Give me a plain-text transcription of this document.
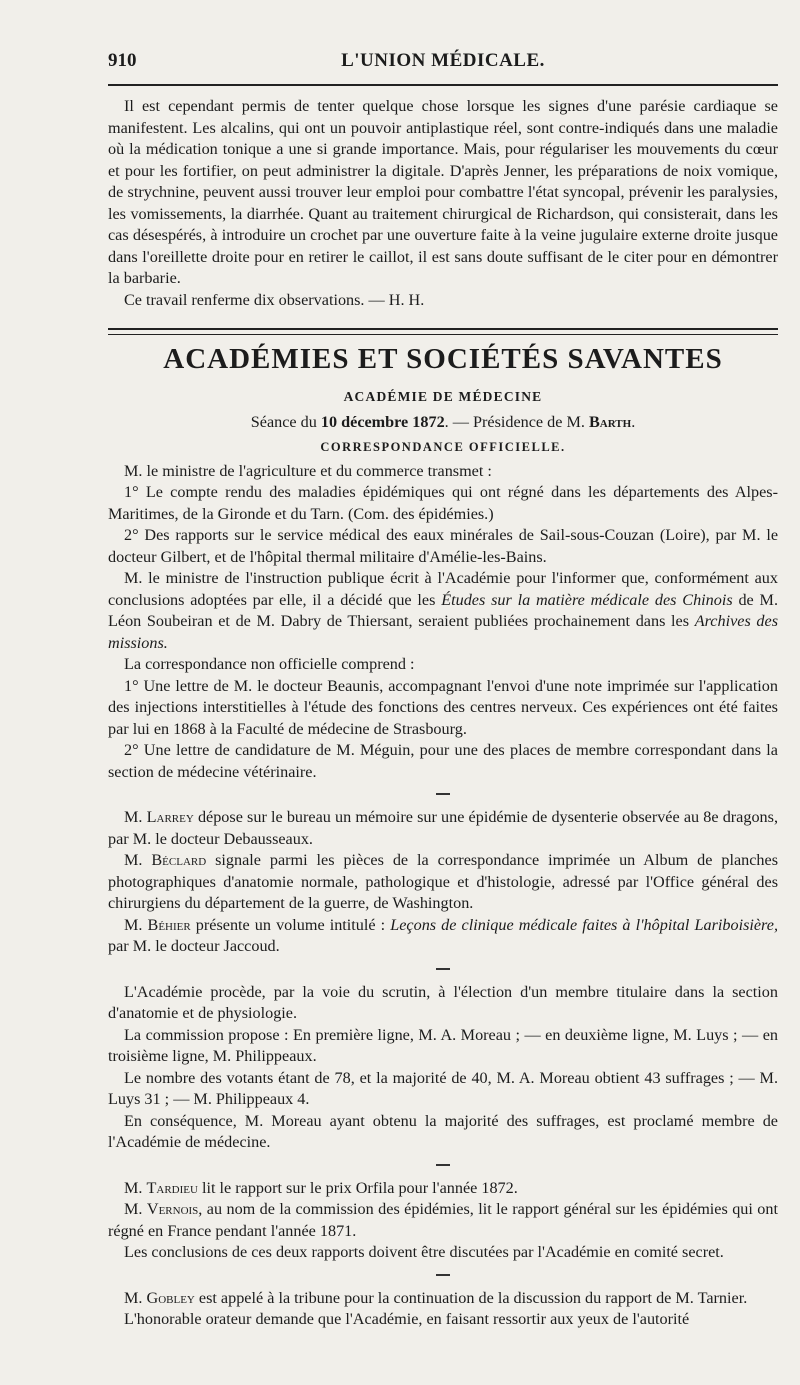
910	L'UNION MÉDICALE.

Il est cependant permis de tenter quelque chose lorsque les signes d'une parésie cardiaque se manifestent. Les alcalins, qui ont un pouvoir antiplastique réel, sont contre-indiqués dans une maladie où la médication tonique a une si grande importance. Mais, pour régulariser les mouvements du cœur et pour les fortifier, on peut administrer la digitale. D'après Jenner, les préparations de noix vomique, de strychnine, peuvent aussi trouver leur emploi pour combattre l'état syncopal, prévenir les paralysies, les vomissements, la diarrhée. Quant au traitement chirurgical de Richardson, qui consisterait, dans les cas désespérés, à introduire un crochet par une ouverture faite à la veine jugulaire externe droite jusque dans l'oreillette droite pour en retirer le caillot, il est sans doute suffisant de le citer pour en démontrer la barbarie.

Ce travail renferme dix observations. — H. H.

ACADÉMIES ET SOCIÉTÉS SAVANTES
ACADÉMIE DE MÉDECINE
Séance du 10 décembre 1872. — Présidence de M. Barth.
CORRESPONDANCE OFFICIELLE.

M. le ministre de l'agriculture et du commerce transmet :

1° Le compte rendu des maladies épidémiques qui ont régné dans les départements des Alpes-Maritimes, de la Gironde et du Tarn. (Com. des épidémies.)

2° Des rapports sur le service médical des eaux minérales de Sail-sous-Couzan (Loire), par M. le docteur Gilbert, et de l'hôpital thermal militaire d'Amélie-les-Bains.

M. le ministre de l'instruction publique écrit à l'Académie pour l'informer que, conformément aux conclusions adoptées par elle, il a décidé que les Études sur la matière médicale des Chinois de M. Léon Soubeiran et de M. Dabry de Thiersant, seraient publiées prochainement dans les Archives des missions.

La correspondance non officielle comprend :

1° Une lettre de M. le docteur Beaunis, accompagnant l'envoi d'une note imprimée sur l'application des injections interstitielles à l'étude des fonctions des centres nerveux. Ces expériences ont été faites par lui en 1868 à la Faculté de médecine de Strasbourg.

2° Une lettre de candidature de M. Méguin, pour une des places de membre correspondant dans la section de médecine vétérinaire.

M. Larrey dépose sur le bureau un mémoire sur une épidémie de dysenterie observée au 8e dragons, par M. le docteur Debausseaux.

M. Béclard signale parmi les pièces de la correspondance imprimée un Album de planches photographiques d'anatomie normale, pathologique et d'histologie, adressé par l'Office général des chirurgiens du département de la guerre, de Washington.

M. Béhier présente un volume intitulé : Leçons de clinique médicale faites à l'hôpital Lariboisière, par M. le docteur Jaccoud.

L'Académie procède, par la voie du scrutin, à l'élection d'un membre titulaire dans la section d'anatomie et de physiologie.

La commission propose : En première ligne, M. A. Moreau ; — en deuxième ligne, M. Luys ; — en troisième ligne, M. Philippeaux.

Le nombre des votants étant de 78, et la majorité de 40, M. A. Moreau obtient 43 suffrages ; — M. Luys 31 ; — M. Philippeaux 4.

En conséquence, M. Moreau ayant obtenu la majorité des suffrages, est proclamé membre de l'Académie de médecine.

M. Tardieu lit le rapport sur le prix Orfila pour l'année 1872.

M. Vernois, au nom de la commission des épidémies, lit le rapport général sur les épidémies qui ont régné en France pendant l'année 1871.

Les conclusions de ces deux rapports doivent être discutées par l'Académie en comité secret.

M. Gobley est appelé à la tribune pour la continuation de la discussion du rapport de M. Tarnier.

L'honorable orateur demande que l'Académie, en faisant ressortir aux yeux de l'autorité
